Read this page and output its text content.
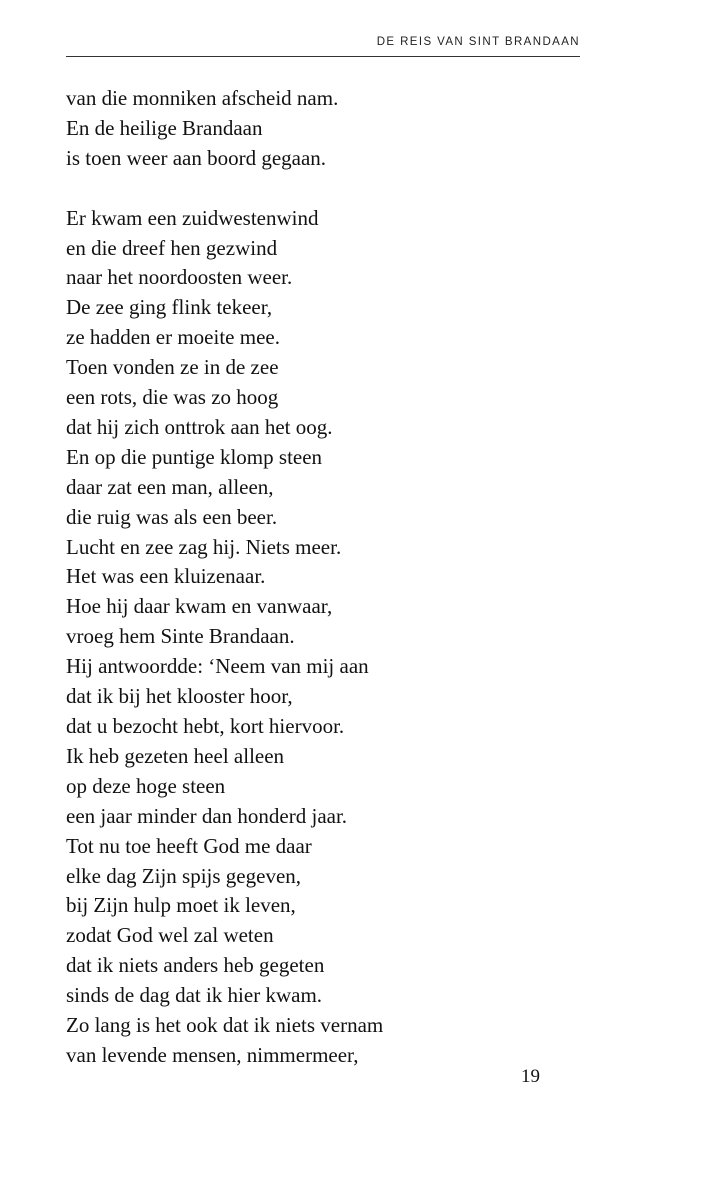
DE REIS VAN SINT BRANDAAN
van die monniken afscheid nam.
En de heilige Brandaan
is toen weer aan boord gegaan.
Er kwam een zuidwestenwind
en die dreef hen gezwind
naar het noordoosten weer.
De zee ging flink tekeer,
ze hadden er moeite mee.
Toen vonden ze in de zee
een rots, die was zo hoog
dat hij zich onttrok aan het oog.
En op die puntige klomp steen
daar zat een man, alleen,
die ruig was als een beer.
Lucht en zee zag hij. Niets meer.
Het was een kluizenaar.
Hoe hij daar kwam en vanwaar,
vroeg hem Sinte Brandaan.
Hij antwoordde: ‘Neem van mij aan
dat ik bij het klooster hoor,
dat u bezocht hebt, kort hiervoor.
Ik heb gezeten heel alleen
op deze hoge steen
een jaar minder dan honderd jaar.
Tot nu toe heeft God me daar
elke dag Zijn spijs gegeven,
bij Zijn hulp moet ik leven,
zodat God wel zal weten
dat ik niets anders heb gegeten
sinds de dag dat ik hier kwam.
Zo lang is het ook dat ik niets vernam
van levende mensen, nimmermeer,
19
